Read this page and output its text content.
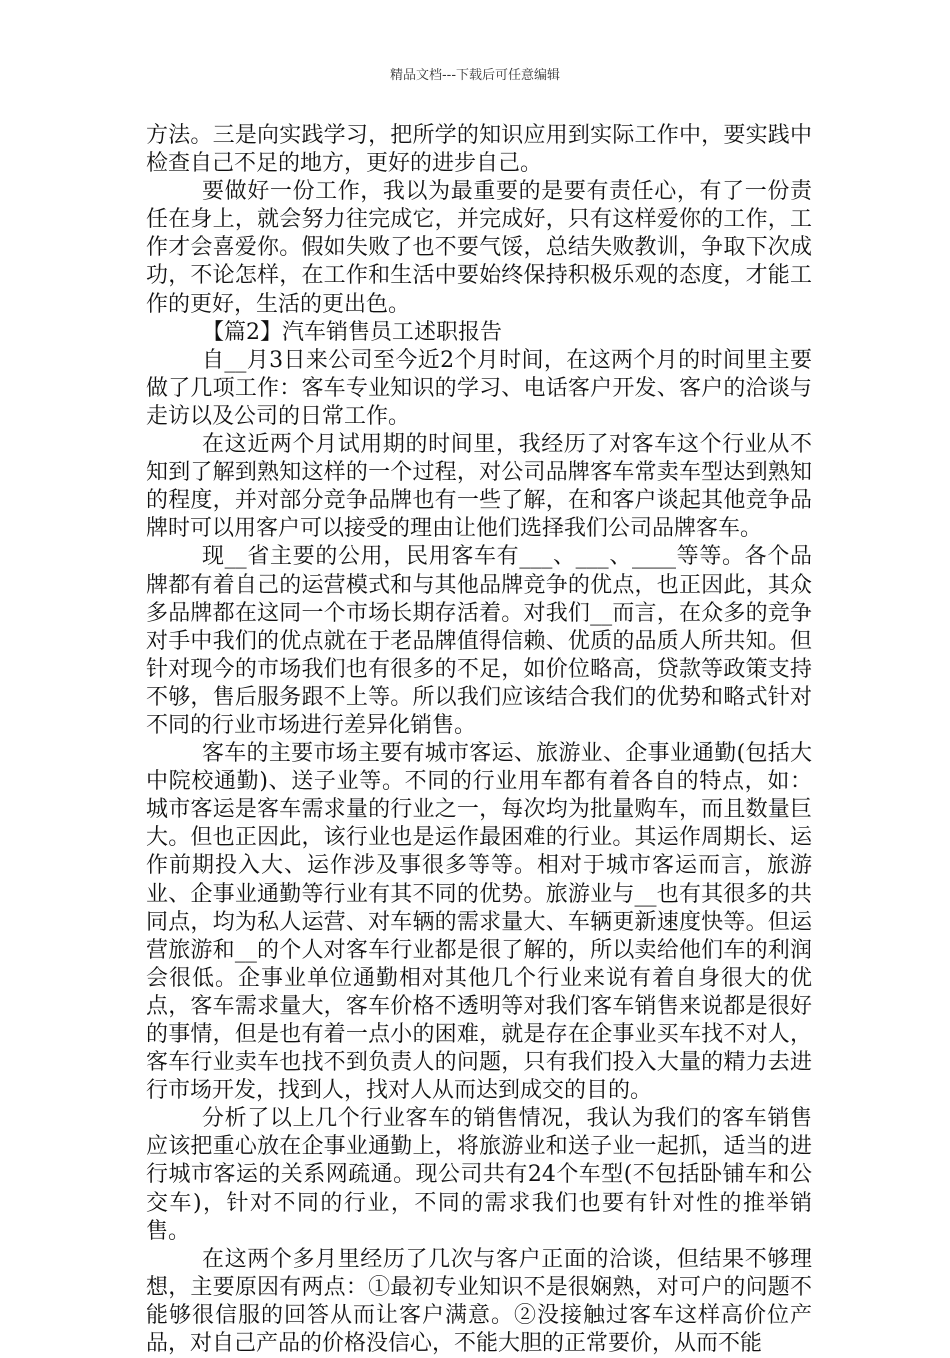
精品文档---下载后可任意编辑

方法。三是向实践学习，把所学的知识应用到实际工作中，要实践中检查自己不足的地方，更好的进步自己。

要做好一份工作，我以为最重要的是要有责任心，有了一份责任在身上，就会努力往完成它，并完成好，只有这样爱你的工作，工作才会喜爱你。假如失败了也不要气馁，总结失败教训，争取下次成功，不论怎样，在工作和生活中要始终保持积极乐观的态度，才能工作的更好，生活的更出色。

【篇2】汽车销售员工述职报告

自__月3日来公司至今近2个月时间，在这两个月的时间里主要做了几项工作：客车专业知识的学习、电话客户开发、客户的洽谈与走访以及公司的日常工作。

在这近两个月试用期的时间里，我经历了对客车这个行业从不知到了解到熟知这样的一个过程，对公司品牌客车常卖车型达到熟知的程度，并对部分竞争品牌也有一些了解，在和客户谈起其他竞争品牌时可以用客户可以接受的理由让他们选择我们公司品牌客车。

现__省主要的公用，民用客车有___、___、____等等。各个品牌都有着自己的运营模式和与其他品牌竞争的优点，也正因此，其众多品牌都在这同一个市场长期存活着。对我们__而言，在众多的竞争对手中我们的优点就在于老品牌值得信赖、优质的品质人所共知。但针对现今的市场我们也有很多的不足，如价位略高，贷款等政策支持不够，售后服务跟不上等。所以我们应该结合我们的优势和略式针对不同的行业市场进行差异化销售。

客车的主要市场主要有城市客运、旅游业、企事业通勤(包括大中院校通勤)、送子业等。不同的行业用车都有着各自的特点，如：城市客运是客车需求量的行业之一，每次均为批量购车，而且数量巨大。但也正因此，该行业也是运作最困难的行业。其运作周期长、运作前期投入大、运作涉及事很多等等。相对于城市客运而言，旅游业、企事业通勤等行业有其不同的优势。旅游业与__也有其很多的共同点，均为私人运营、对车辆的需求量大、车辆更新速度快等。但运营旅游和__的个人对客车行业都是很了解的，所以卖给他们车的利润会很低。企事业单位通勤相对其他几个行业来说有着自身很大的优点，客车需求量大，客车价格不透明等对我们客车销售来说都是很好的事情，但是也有着一点小的困难，就是存在企事业买车找不对人，客车行业卖车也找不到负责人的问题，只有我们投入大量的精力去进行市场开发，找到人，找对人从而达到成交的目的。

分析了以上几个行业客车的销售情况，我认为我们的客车销售应该把重心放在企事业通勤上，将旅游业和送子业一起抓，适当的进行城市客运的关系网疏通。现公司共有24个车型(不包括卧铺车和公交车)，针对不同的行业，不同的需求我们也要有针对性的推举销售。

在这两个多月里经历了几次与客户正面的洽谈，但结果不够理想，主要原因有两点：①最初专业知识不是很娴熟，对可户的问题不能够很信服的回答从而让客户满意。②没接触过客车这样高价位产品，对自己产品的价格没信心，不能大胆的正常要价，从而不能
